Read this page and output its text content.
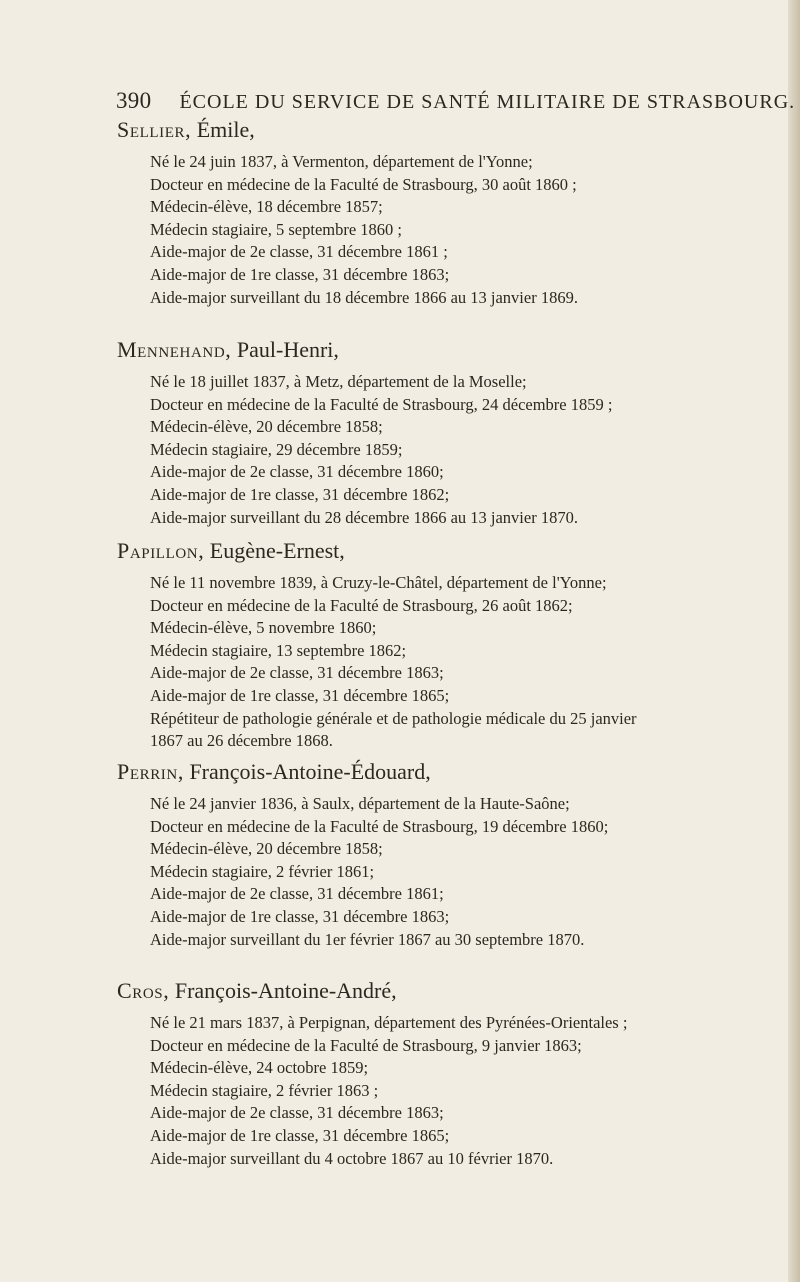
390 ÉCOLE DU SERVICE DE SANTÉ MILITAIRE DE STRASBOURG.
Sellier, Émile,
Né le 24 juin 1837, à Vermenton, département de l'Yonne;
Docteur en médecine de la Faculté de Strasbourg, 30 août 1860 ;
Médecin-élève, 18 décembre 1857;
Médecin stagiaire, 5 septembre 1860 ;
Aide-major de 2e classe, 31 décembre 1861 ;
Aide-major de 1re classe, 31 décembre 1863;
Aide-major surveillant du 18 décembre 1866 au 13 janvier 1869.
Mennehand, Paul-Henri,
Né le 18 juillet 1837, à Metz, département de la Moselle;
Docteur en médecine de la Faculté de Strasbourg, 24 décembre 1859 ;
Médecin-élève, 20 décembre 1858;
Médecin stagiaire, 29 décembre 1859;
Aide-major de 2e classe, 31 décembre 1860;
Aide-major de 1re classe, 31 décembre 1862;
Aide-major surveillant du 28 décembre 1866 au 13 janvier 1870.
Papillon, Eugène-Ernest,
Né le 11 novembre 1839, à Cruzy-le-Châtel, département de l'Yonne;
Docteur en médecine de la Faculté de Strasbourg, 26 août 1862;
Médecin-élève, 5 novembre 1860;
Médecin stagiaire, 13 septembre 1862;
Aide-major de 2e classe, 31 décembre 1863;
Aide-major de 1re classe, 31 décembre 1865;
Répétiteur de pathologie générale et de pathologie médicale du 25 janvier
1867 au 26 décembre 1868.
Perrin, François-Antoine-Édouard,
Né le 24 janvier 1836, à Saulx, département de la Haute-Saône;
Docteur en médecine de la Faculté de Strasbourg, 19 décembre 1860;
Médecin-élève, 20 décembre 1858;
Médecin stagiaire, 2 février 1861;
Aide-major de 2e classe, 31 décembre 1861;
Aide-major de 1re classe, 31 décembre 1863;
Aide-major surveillant du 1er février 1867 au 30 septembre 1870.
Cros, François-Antoine-André,
Né le 21 mars 1837, à Perpignan, département des Pyrénées-Orientales ;
Docteur en médecine de la Faculté de Strasbourg, 9 janvier 1863;
Médecin-élève, 24 octobre 1859;
Médecin stagiaire, 2 février 1863 ;
Aide-major de 2e classe, 31 décembre 1863;
Aide-major de 1re classe, 31 décembre 1865;
Aide-major surveillant du 4 octobre 1867 au 10 février 1870.
